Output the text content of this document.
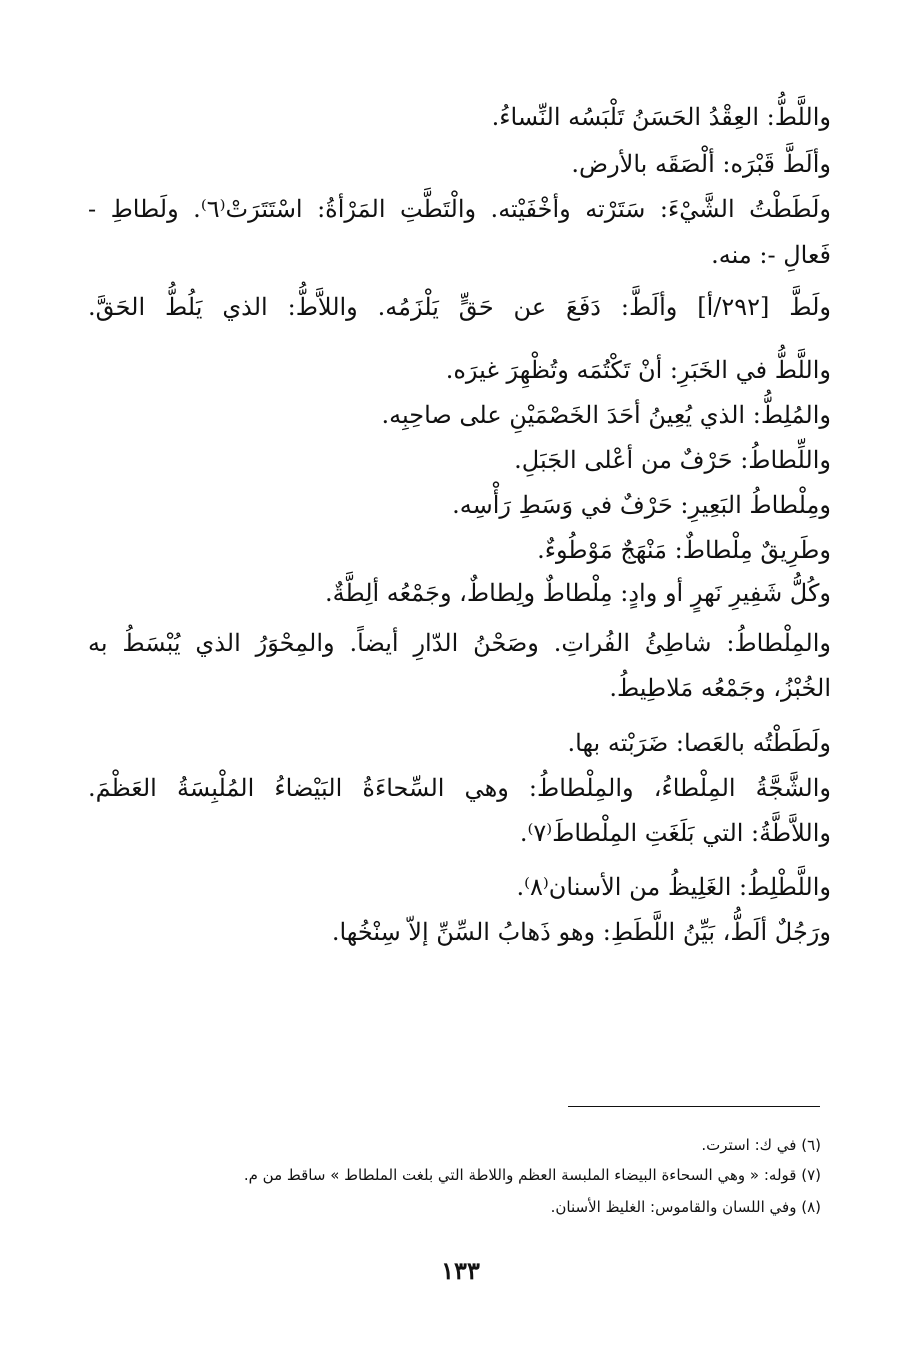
واللَّطُّ: العِقْدُ الحَسَنُ تَلْبَسُه النِّساءُ.
وألَطَّ قَبْرَه: ألْصَقَه بالأرض.
ولَطَطْتُ الشَّيْءَ: سَتَرْته وأخْفَيْته. والْتَطَّتِ المَرْأةُ: اسْتَتَرَتْ⁽٦⁾. ولَطاطِ -
فَعالِ -: منه.
ولَطَّ [٢٩٢/أ] وألَطَّ: دَفَعَ عن حَقٍّ يَلْزَمُه. واللاَّطُّ: الذي يَلُطُّ الحَقَّ.
واللَّطُّ في الخَبَرِ: أنْ تَكْتُمَه وتُظْهِرَ غيرَه.
والمُلِطُّ: الذي يُعِينُ أحَدَ الخَصْمَيْنِ على صاحِبِه.
واللِّطاطُ: حَرْفٌ من أعْلى الجَبَلِ.
ومِلْطاطُ البَعِيرِ: حَرْفٌ في وَسَطِ رَأْسِه.
وطَرِيقٌ مِلْطاطٌ: مَنْهَجٌ مَوْطُوءٌ.
وكُلُّ شَفِيرِ نَهرٍ أو وادٍ: مِلْطاطٌ ولِطاطٌ، وجَمْعُه ألِطَّةٌ.
والمِلْطاطُ: شاطِئُ الفُراتِ. وصَحْنُ الدّارِ أيضاً. والمِحْوَرُ الذي يُبْسَطُ به
الخُبْزُ، وجَمْعُه مَلاطِيطُ.
ولَطَطْتُه بالعَصا: ضَرَبْته بها.
والشَّجَّةُ المِلْطاءُ، والمِلْطاطُ: وهي السِّحاءَةُ البَيْضاءُ المُلْبِسَةُ العَظْمَ.
واللاَّطَّةُ: التي بَلَغَتِ المِلْطاطَ⁽٧⁾.
واللَّطْلِطُ: الغَلِيظُ من الأسنان⁽٨⁾.
ورَجُلٌ ألَطُّ، بَيِّنُ اللَّطَطِ: وهو ذَهابُ السِّنِّ إلاّ سِنْخُها.
(٦) في ك: استرت.
(٧) قوله: « وهي السحاءة البيضاء الملبسة العظم واللاطة التي بلغت الملطاط » ساقط من م.
(٨) وفي اللسان والقاموس: الغليظ الأسنان.
١٣٣
